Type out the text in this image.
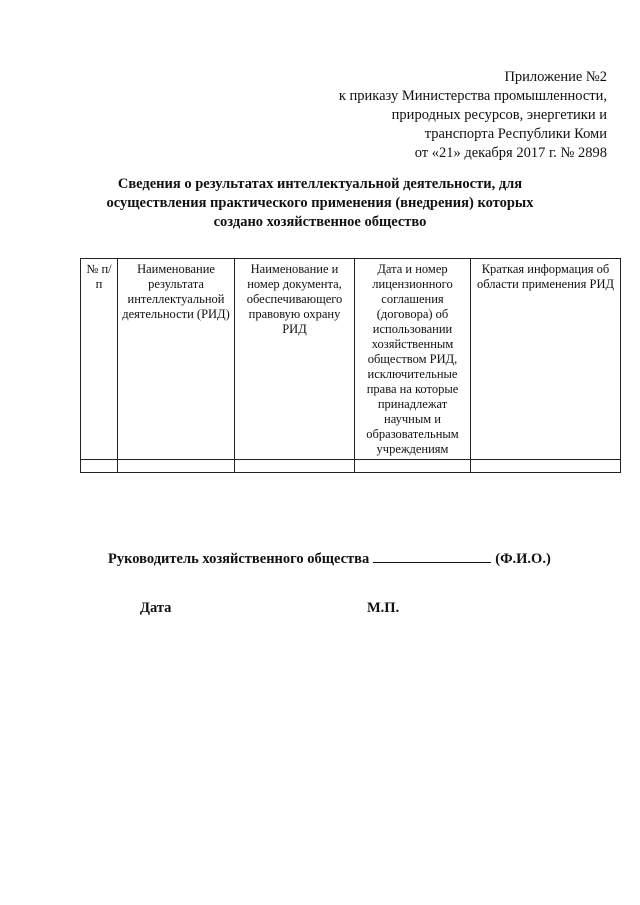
Приложение №2
к приказу Министерства промышленности,
природных ресурсов, энергетики и
транспорта Республики Коми
от «21» декабря 2017 г. № 2898
Сведения о результатах интеллектуальной деятельности, для
осуществления практического применения (внедрения) которых
создано хозяйственное общество
№ п/п	Наименование результата интеллектуальной деятельности (РИД)	Наименование и номер документа, обеспечивающего правовую охрану РИД	Дата и номер лицензионного соглашения (договора) об использовании хозяйственным обществом РИД, исключительные права на которые принадлежат научным и образовательным учреждениям	Краткая информация об области применения РИД

Руководитель хозяйственного общества	(Ф.И.О.)
Дата	М.П.
